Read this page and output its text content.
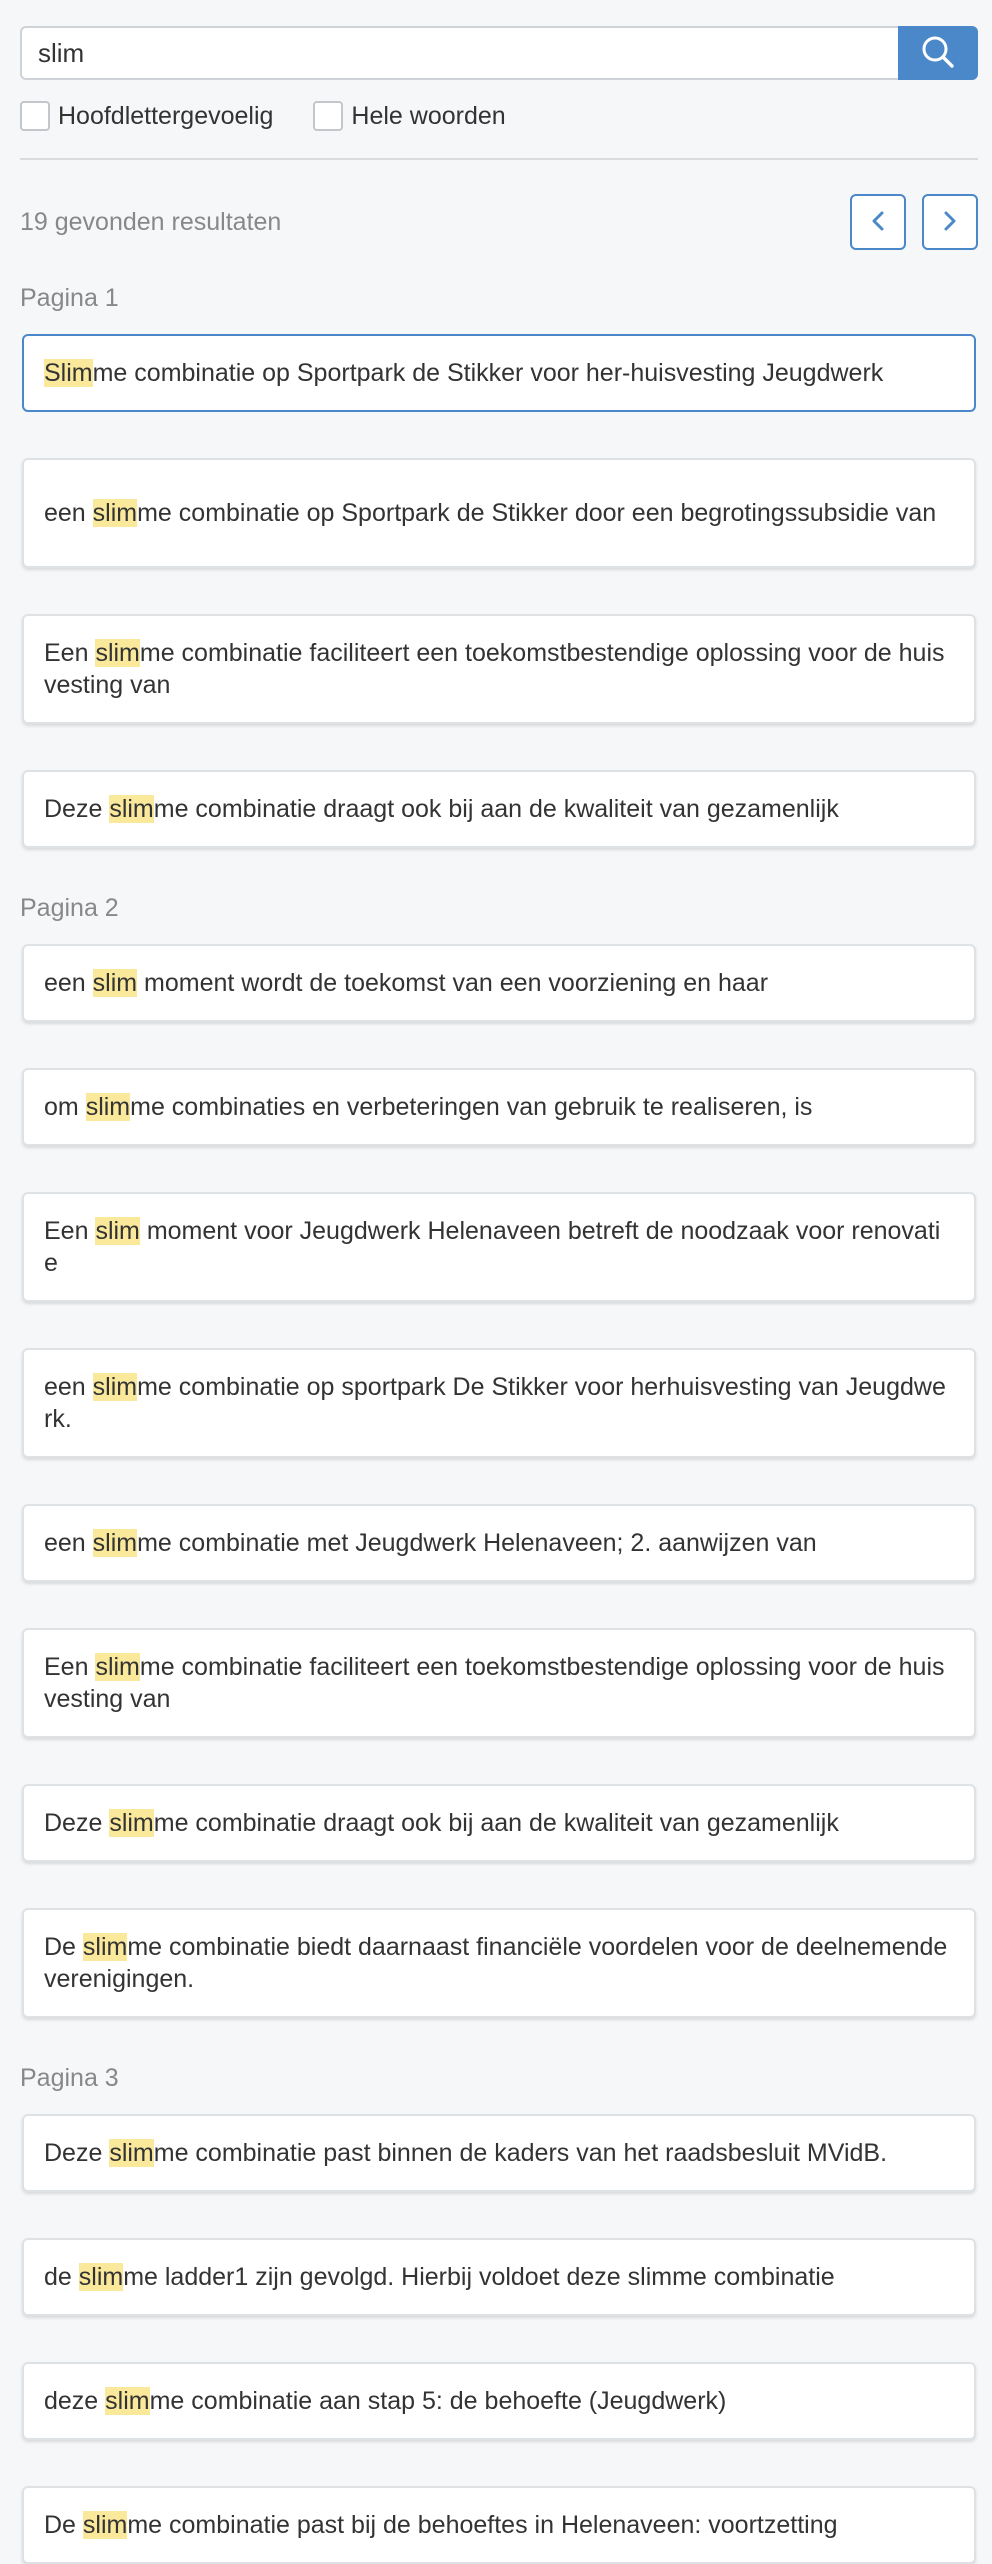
slim
Hoofdlettergevoelig	Hele woorden
19 gevonden resultaten
Pagina 1
Slimme combinatie op Sportpark de Stikker voor her-huisvesting Jeugdwerk
een slimme combinatie op Sportpark de Stikker door een begrotingssubsidie van
Een slimme combinatie faciliteert een toekomstbestendige oplossing voor de huis vesting van
Deze slimme combinatie draagt ook bij aan de kwaliteit van gezamenlijk
Pagina 2
een slim moment wordt de toekomst van een voorziening en haar
om slimme combinaties en verbeteringen van gebruik te realiseren, is
Een slim moment voor Jeugdwerk Helenaveen betreft de noodzaak voor renovati e
een slimme combinatie op sportpark De Stikker voor herhuisvesting van Jeugdwe rk.
een slimme combinatie met Jeugdwerk Helenaveen; 2. aanwijzen van
Een slimme combinatie faciliteert een toekomstbestendige oplossing voor de huis vesting van
Deze slimme combinatie draagt ook bij aan de kwaliteit van gezamenlijk
De slimme combinatie biedt daarnaast financiële voordelen voor de deelnemende verenigingen.
Pagina 3
Deze slimme combinatie past binnen de kaders van het raadsbesluit MVidB.
de slimme ladder1 zijn gevolgd. Hierbij voldoet deze slimme combinatie
deze slimme combinatie aan stap 5: de behoefte (Jeugdwerk)
De slimme combinatie past bij de behoeftes in Helenaveen: voortzetting
